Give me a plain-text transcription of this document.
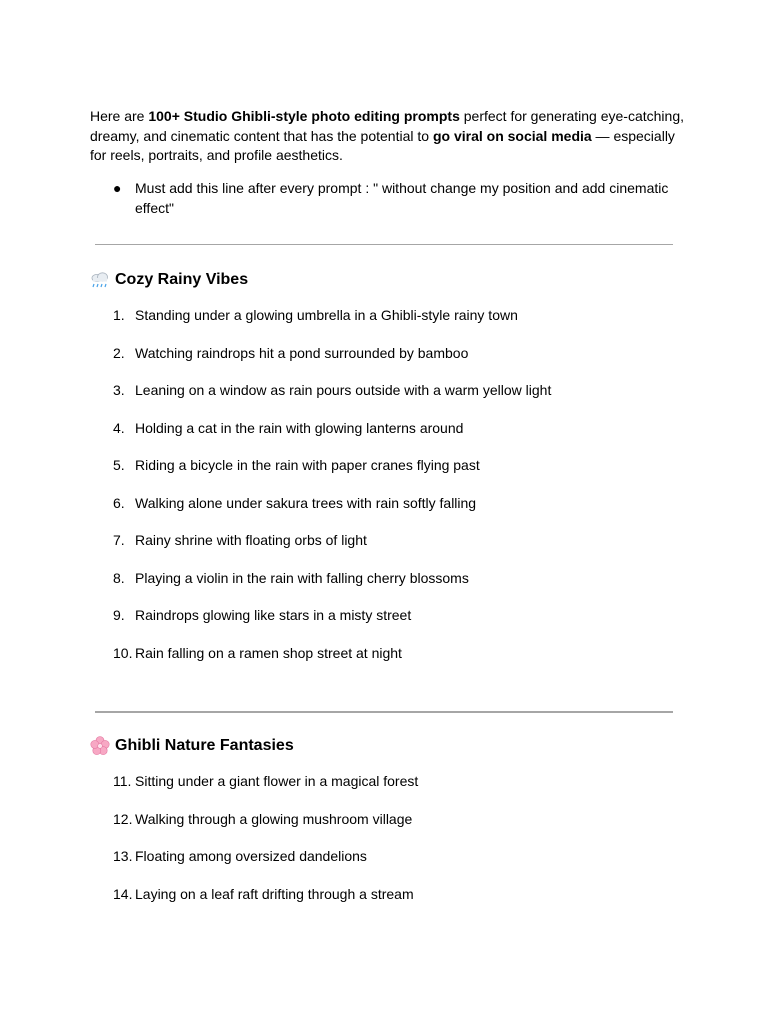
Here are 100+ Studio Ghibli-style photo editing prompts perfect for generating eye-catching, dreamy, and cinematic content that has the potential to go viral on social media — especially for reels, portraits, and profile aesthetics.

● Must add this line after every prompt : " without change my position and add cinematic effect"
Cozy Rainy Vibes
1. Standing under a glowing umbrella in a Ghibli-style rainy town
2. Watching raindrops hit a pond surrounded by bamboo
3. Leaning on a window as rain pours outside with a warm yellow light
4. Holding a cat in the rain with glowing lanterns around
5. Riding a bicycle in the rain with paper cranes flying past
6. Walking alone under sakura trees with rain softly falling
7. Rainy shrine with floating orbs of light
8. Playing a violin in the rain with falling cherry blossoms
9. Raindrops glowing like stars in a misty street
10. Rain falling on a ramen shop street at night
Ghibli Nature Fantasies
11. Sitting under a giant flower in a magical forest
12. Walking through a glowing mushroom village
13. Floating among oversized dandelions
14. Laying on a leaf raft drifting through a stream
